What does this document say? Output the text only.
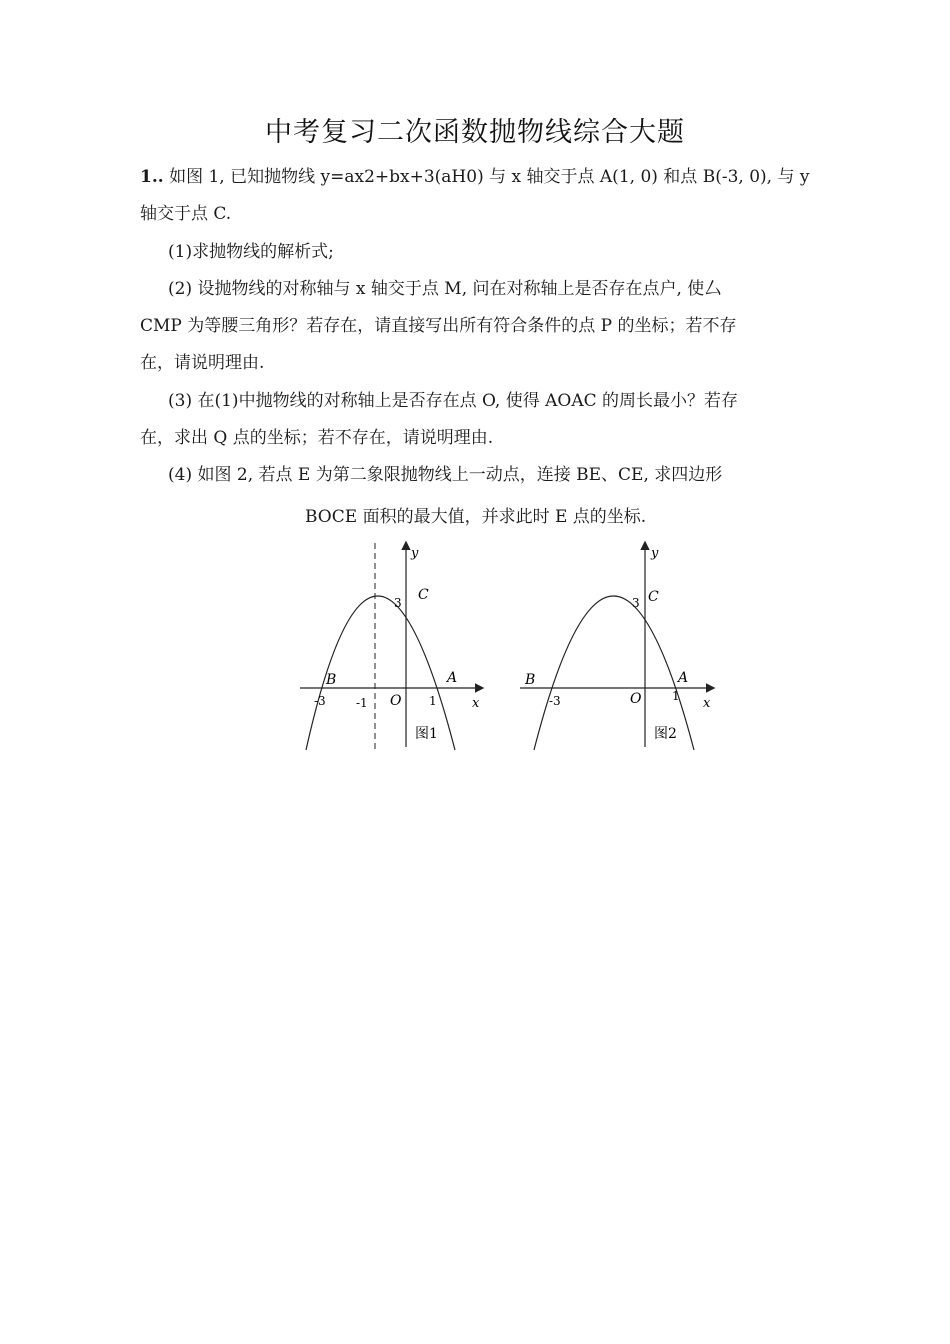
中考复习二次函数抛物线综合大题
1.. 如图 1, 已知抛物线 y=ax2+bx+3(aH0) 与 x 轴交于点 A(1, 0) 和点 B(-3, 0), 与 y
轴交于点 C.
(1)求抛物线的解析式;
(2) 设抛物线的对称轴与 x 轴交于点 M, 问在对称轴上是否存在点户, 使厶
CMP 为等腰三角形？若存在，请直接写出所有符合条件的点 P 的坐标；若不存
在，请说明理由.
(3) 在(1)中抛物线的对称轴上是否存在点 O, 使得 AOAC 的周长最小？若存
在，求出 Q 点的坐标；若不存在，请说明理由.
(4) 如图 2, 若点 E 为第二象限抛物线上一动点，连接 BE、CE, 求四边形
BOCE 面积的最大值，并求此时 E 点的坐标.
y
x
O
A
B
C
3
-3	-1	1
图1
y
x
O
A
B
C
3
-3	1
图2
